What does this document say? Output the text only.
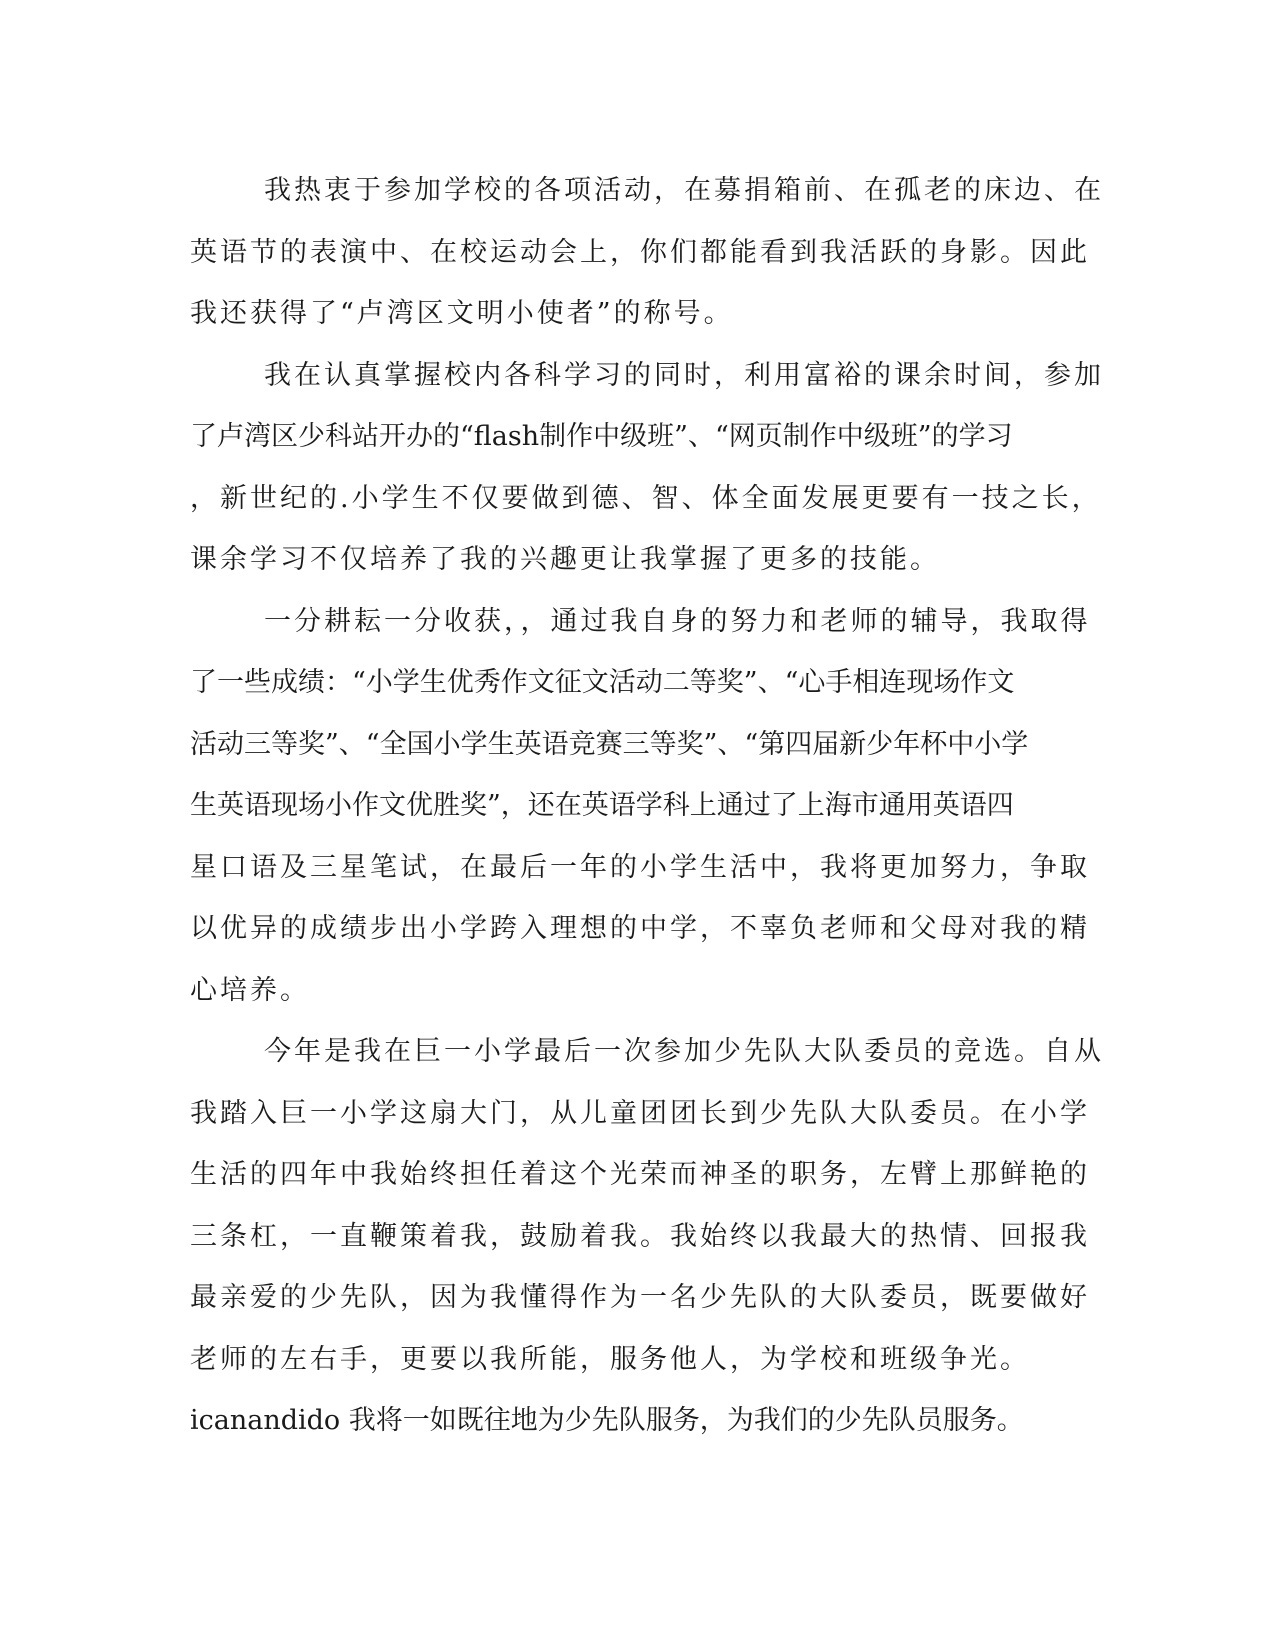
我热衷于参加学校的各项活动，在募捐箱前、在孤老的床边、在
英语节的表演中、在校运动会上，你们都能看到我活跃的身影。因此
我还获得了“卢湾区文明小使者”的称号。
我在认真掌握校内各科学习的同时，利用富裕的课余时间，参加
了卢湾区少科站开办的“flash制作中级班”、“网页制作中级班”的学习
，新世纪的.小学生不仅要做到德、智、体全面发展更要有一技之长，
课余学习不仅培养了我的兴趣更让我掌握了更多的技能。
一分耕耘一分收获，，通过我自身的努力和老师的辅导，我取得
了一些成绩：“小学生优秀作文征文活动二等奖”、“心手相连现场作文
活动三等奖”、“全国小学生英语竞赛三等奖”、“第四届新少年杯中小学
生英语现场小作文优胜奖”，还在英语学科上通过了上海市通用英语四
星口语及三星笔试，在最后一年的小学生活中，我将更加努力，争取
以优异的成绩步出小学跨入理想的中学，不辜负老师和父母对我的精
心培养。
今年是我在巨一小学最后一次参加少先队大队委员的竞选。自从
我踏入巨一小学这扇大门，从儿童团团长到少先队大队委员。在小学
生活的四年中我始终担任着这个光荣而神圣的职务，左臂上那鲜艳的
三条杠，一直鞭策着我，鼓励着我。我始终以我最大的热情、回报我
最亲爱的少先队，因为我懂得作为一名少先队的大队委员，既要做好
老师的左右手，更要以我所能，服务他人，为学校和班级争光。
icanandido 我将一如既往地为少先队服务，为我们的少先队员服务。
